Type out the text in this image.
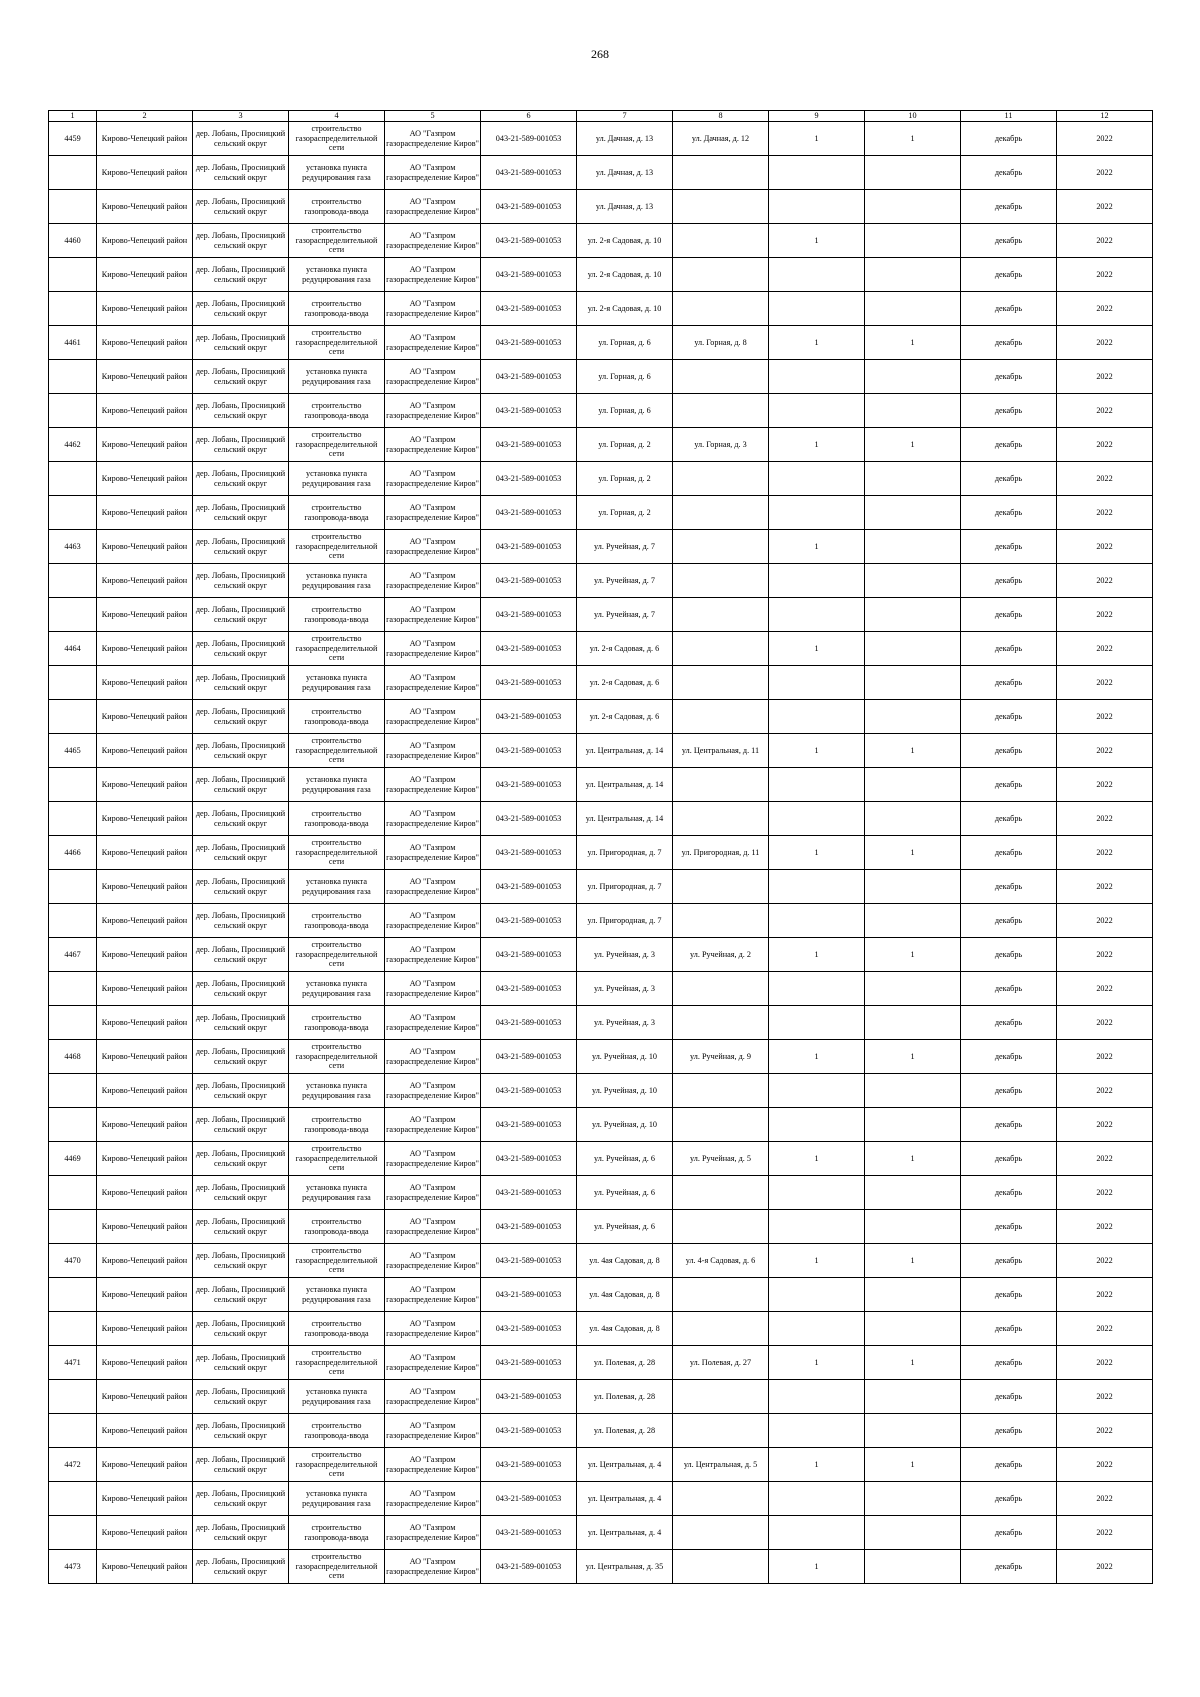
268
1	2	3	4	5	6	7	8	9	10	11	12

4459	Кирово-Чепецкий район	дер. Лобань, Просницкий сельский округ	строительство газораспределительной сети	АО "Газпром газораспределение Киров"	043-21-589-001053	ул. Дачная, д. 13	ул. Дачная, д. 12	1	1	декабрь	2022

	Кирово-Чепецкий район	дер. Лобань, Просницкий сельский округ	установка пункта редуцирования газа	АО "Газпром газораспределение Киров"	043-21-589-001053	ул. Дачная, д. 13				декабрь	2022

	Кирово-Чепецкий район	дер. Лобань, Просницкий сельский округ	строительство газопровода-ввода	АО "Газпром газораспределение Киров"	043-21-589-001053	ул. Дачная, д. 13				декабрь	2022

4460	Кирово-Чепецкий район	дер. Лобань, Просницкий сельский округ	строительство газораспределительной сети	АО "Газпром газораспределение Киров"	043-21-589-001053	ул. 2-я Садовая, д. 10		1		декабрь	2022

	Кирово-Чепецкий район	дер. Лобань, Просницкий сельский округ	установка пункта редуцирования газа	АО "Газпром газораспределение Киров"	043-21-589-001053	ул. 2-я Садовая, д. 10				декабрь	2022

	Кирово-Чепецкий район	дер. Лобань, Просницкий сельский округ	строительство газопровода-ввода	АО "Газпром газораспределение Киров"	043-21-589-001053	ул. 2-я Садовая, д. 10				декабрь	2022

4461	Кирово-Чепецкий район	дер. Лобань, Просницкий сельский округ	строительство газораспределительной сети	АО "Газпром газораспределение Киров"	043-21-589-001053	ул. Горная, д. 6	ул. Горная, д. 8	1	1	декабрь	2022

	Кирово-Чепецкий район	дер. Лобань, Просницкий сельский округ	установка пункта редуцирования газа	АО "Газпром газораспределение Киров"	043-21-589-001053	ул. Горная, д. 6				декабрь	2022

	Кирово-Чепецкий район	дер. Лобань, Просницкий сельский округ	строительство газопровода-ввода	АО "Газпром газораспределение Киров"	043-21-589-001053	ул. Горная, д. 6				декабрь	2022

4462	Кирово-Чепецкий район	дер. Лобань, Просницкий сельский округ	строительство газораспределительной сети	АО "Газпром газораспределение Киров"	043-21-589-001053	ул. Горная, д. 2	ул. Горная, д. 3	1	1	декабрь	2022

	Кирово-Чепецкий район	дер. Лобань, Просницкий сельский округ	установка пункта редуцирования газа	АО "Газпром газораспределение Киров"	043-21-589-001053	ул. Горная, д. 2				декабрь	2022

	Кирово-Чепецкий район	дер. Лобань, Просницкий сельский округ	строительство газопровода-ввода	АО "Газпром газораспределение Киров"	043-21-589-001053	ул. Горная, д. 2				декабрь	2022

4463	Кирово-Чепецкий район	дер. Лобань, Просницкий сельский округ	строительство газораспределительной сети	АО "Газпром газораспределение Киров"	043-21-589-001053	ул. Ручейная, д. 7		1		декабрь	2022

	Кирово-Чепецкий район	дер. Лобань, Просницкий сельский округ	установка пункта редуцирования газа	АО "Газпром газораспределение Киров"	043-21-589-001053	ул. Ручейная, д. 7				декабрь	2022

	Кирово-Чепецкий район	дер. Лобань, Просницкий сельский округ	строительство газопровода-ввода	АО "Газпром газораспределение Киров"	043-21-589-001053	ул. Ручейная, д. 7				декабрь	2022

4464	Кирово-Чепецкий район	дер. Лобань, Просницкий сельский округ	строительство газораспределительной сети	АО "Газпром газораспределение Киров"	043-21-589-001053	ул. 2-я Садовая, д. 6		1		декабрь	2022

	Кирово-Чепецкий район	дер. Лобань, Просницкий сельский округ	установка пункта редуцирования газа	АО "Газпром газораспределение Киров"	043-21-589-001053	ул. 2-я Садовая, д. 6				декабрь	2022

	Кирово-Чепецкий район	дер. Лобань, Просницкий сельский округ	строительство газопровода-ввода	АО "Газпром газораспределение Киров"	043-21-589-001053	ул. 2-я Садовая, д. 6				декабрь	2022

4465	Кирово-Чепецкий район	дер. Лобань, Просницкий сельский округ	строительство газораспределительной сети	АО "Газпром газораспределение Киров"	043-21-589-001053	ул. Центральная, д. 14	ул. Центральная, д. 11	1	1	декабрь	2022

	Кирово-Чепецкий район	дер. Лобань, Просницкий сельский округ	установка пункта редуцирования газа	АО "Газпром газораспределение Киров"	043-21-589-001053	ул. Центральная, д. 14				декабрь	2022

	Кирово-Чепецкий район	дер. Лобань, Просницкий сельский округ	строительство газопровода-ввода	АО "Газпром газораспределение Киров"	043-21-589-001053	ул. Центральная, д. 14				декабрь	2022

4466	Кирово-Чепецкий район	дер. Лобань, Просницкий сельский округ	строительство газораспределительной сети	АО "Газпром газораспределение Киров"	043-21-589-001053	ул. Пригородная, д. 7	ул. Пригородная, д. 11	1	1	декабрь	2022

	Кирово-Чепецкий район	дер. Лобань, Просницкий сельский округ	установка пункта редуцирования газа	АО "Газпром газораспределение Киров"	043-21-589-001053	ул. Пригородная, д. 7				декабрь	2022

	Кирово-Чепецкий район	дер. Лобань, Просницкий сельский округ	строительство газопровода-ввода	АО "Газпром газораспределение Киров"	043-21-589-001053	ул. Пригородная, д. 7				декабрь	2022

4467	Кирово-Чепецкий район	дер. Лобань, Просницкий сельский округ	строительство газораспределительной сети	АО "Газпром газораспределение Киров"	043-21-589-001053	ул. Ручейная, д. 3	ул. Ручейная, д. 2	1	1	декабрь	2022

	Кирово-Чепецкий район	дер. Лобань, Просницкий сельский округ	установка пункта редуцирования газа	АО "Газпром газораспределение Киров"	043-21-589-001053	ул. Ручейная, д. 3				декабрь	2022

	Кирово-Чепецкий район	дер. Лобань, Просницкий сельский округ	строительство газопровода-ввода	АО "Газпром газораспределение Киров"	043-21-589-001053	ул. Ручейная, д. 3				декабрь	2022

4468	Кирово-Чепецкий район	дер. Лобань, Просницкий сельский округ	строительство газораспределительной сети	АО "Газпром газораспределение Киров"	043-21-589-001053	ул. Ручейная, д. 10	ул. Ручейная, д. 9	1	1	декабрь	2022

	Кирово-Чепецкий район	дер. Лобань, Просницкий сельский округ	установка пункта редуцирования газа	АО "Газпром газораспределение Киров"	043-21-589-001053	ул. Ручейная, д. 10				декабрь	2022

	Кирово-Чепецкий район	дер. Лобань, Просницкий сельский округ	строительство газопровода-ввода	АО "Газпром газораспределение Киров"	043-21-589-001053	ул. Ручейная, д. 10				декабрь	2022

4469	Кирово-Чепецкий район	дер. Лобань, Просницкий сельский округ	строительство газораспределительной сети	АО "Газпром газораспределение Киров"	043-21-589-001053	ул. Ручейная, д. 6	ул. Ручейная, д. 5	1	1	декабрь	2022

	Кирово-Чепецкий район	дер. Лобань, Просницкий сельский округ	установка пункта редуцирования газа	АО "Газпром газораспределение Киров"	043-21-589-001053	ул. Ручейная, д. 6				декабрь	2022

	Кирово-Чепецкий район	дер. Лобань, Просницкий сельский округ	строительство газопровода-ввода	АО "Газпром газораспределение Киров"	043-21-589-001053	ул. Ручейная, д. 6				декабрь	2022

4470	Кирово-Чепецкий район	дер. Лобань, Просницкий сельский округ	строительство газораспределительной сети	АО "Газпром газораспределение Киров"	043-21-589-001053	ул. 4ая Садовая, д. 8	ул. 4-я Садовая, д. 6	1	1	декабрь	2022

	Кирово-Чепецкий район	дер. Лобань, Просницкий сельский округ	установка пункта редуцирования газа	АО "Газпром газораспределение Киров"	043-21-589-001053	ул. 4ая Садовая, д. 8				декабрь	2022

	Кирово-Чепецкий район	дер. Лобань, Просницкий сельский округ	строительство газопровода-ввода	АО "Газпром газораспределение Киров"	043-21-589-001053	ул. 4ая Садовая, д. 8				декабрь	2022

4471	Кирово-Чепецкий район	дер. Лобань, Просницкий сельский округ	строительство газораспределительной сети	АО "Газпром газораспределение Киров"	043-21-589-001053	ул. Полевая, д. 28	ул. Полевая, д. 27	1	1	декабрь	2022

	Кирово-Чепецкий район	дер. Лобань, Просницкий сельский округ	установка пункта редуцирования газа	АО "Газпром газораспределение Киров"	043-21-589-001053	ул. Полевая, д. 28				декабрь	2022

	Кирово-Чепецкий район	дер. Лобань, Просницкий сельский округ	строительство газопровода-ввода	АО "Газпром газораспределение Киров"	043-21-589-001053	ул. Полевая, д. 28				декабрь	2022

4472	Кирово-Чепецкий район	дер. Лобань, Просницкий сельский округ	строительство газораспределительной сети	АО "Газпром газораспределение Киров"	043-21-589-001053	ул. Центральная, д. 4	ул. Центральная, д. 5	1	1	декабрь	2022

	Кирово-Чепецкий район	дер. Лобань, Просницкий сельский округ	установка пункта редуцирования газа	АО "Газпром газораспределение Киров"	043-21-589-001053	ул. Центральная, д. 4				декабрь	2022

	Кирово-Чепецкий район	дер. Лобань, Просницкий сельский округ	строительство газопровода-ввода	АО "Газпром газораспределение Киров"	043-21-589-001053	ул. Центральная, д. 4				декабрь	2022

4473	Кирово-Чепецкий район	дер. Лобань, Просницкий сельский округ	строительство газораспределительной сети	АО "Газпром газораспределение Киров"	043-21-589-001053	ул. Центральная, д. 35		1		декабрь	2022
